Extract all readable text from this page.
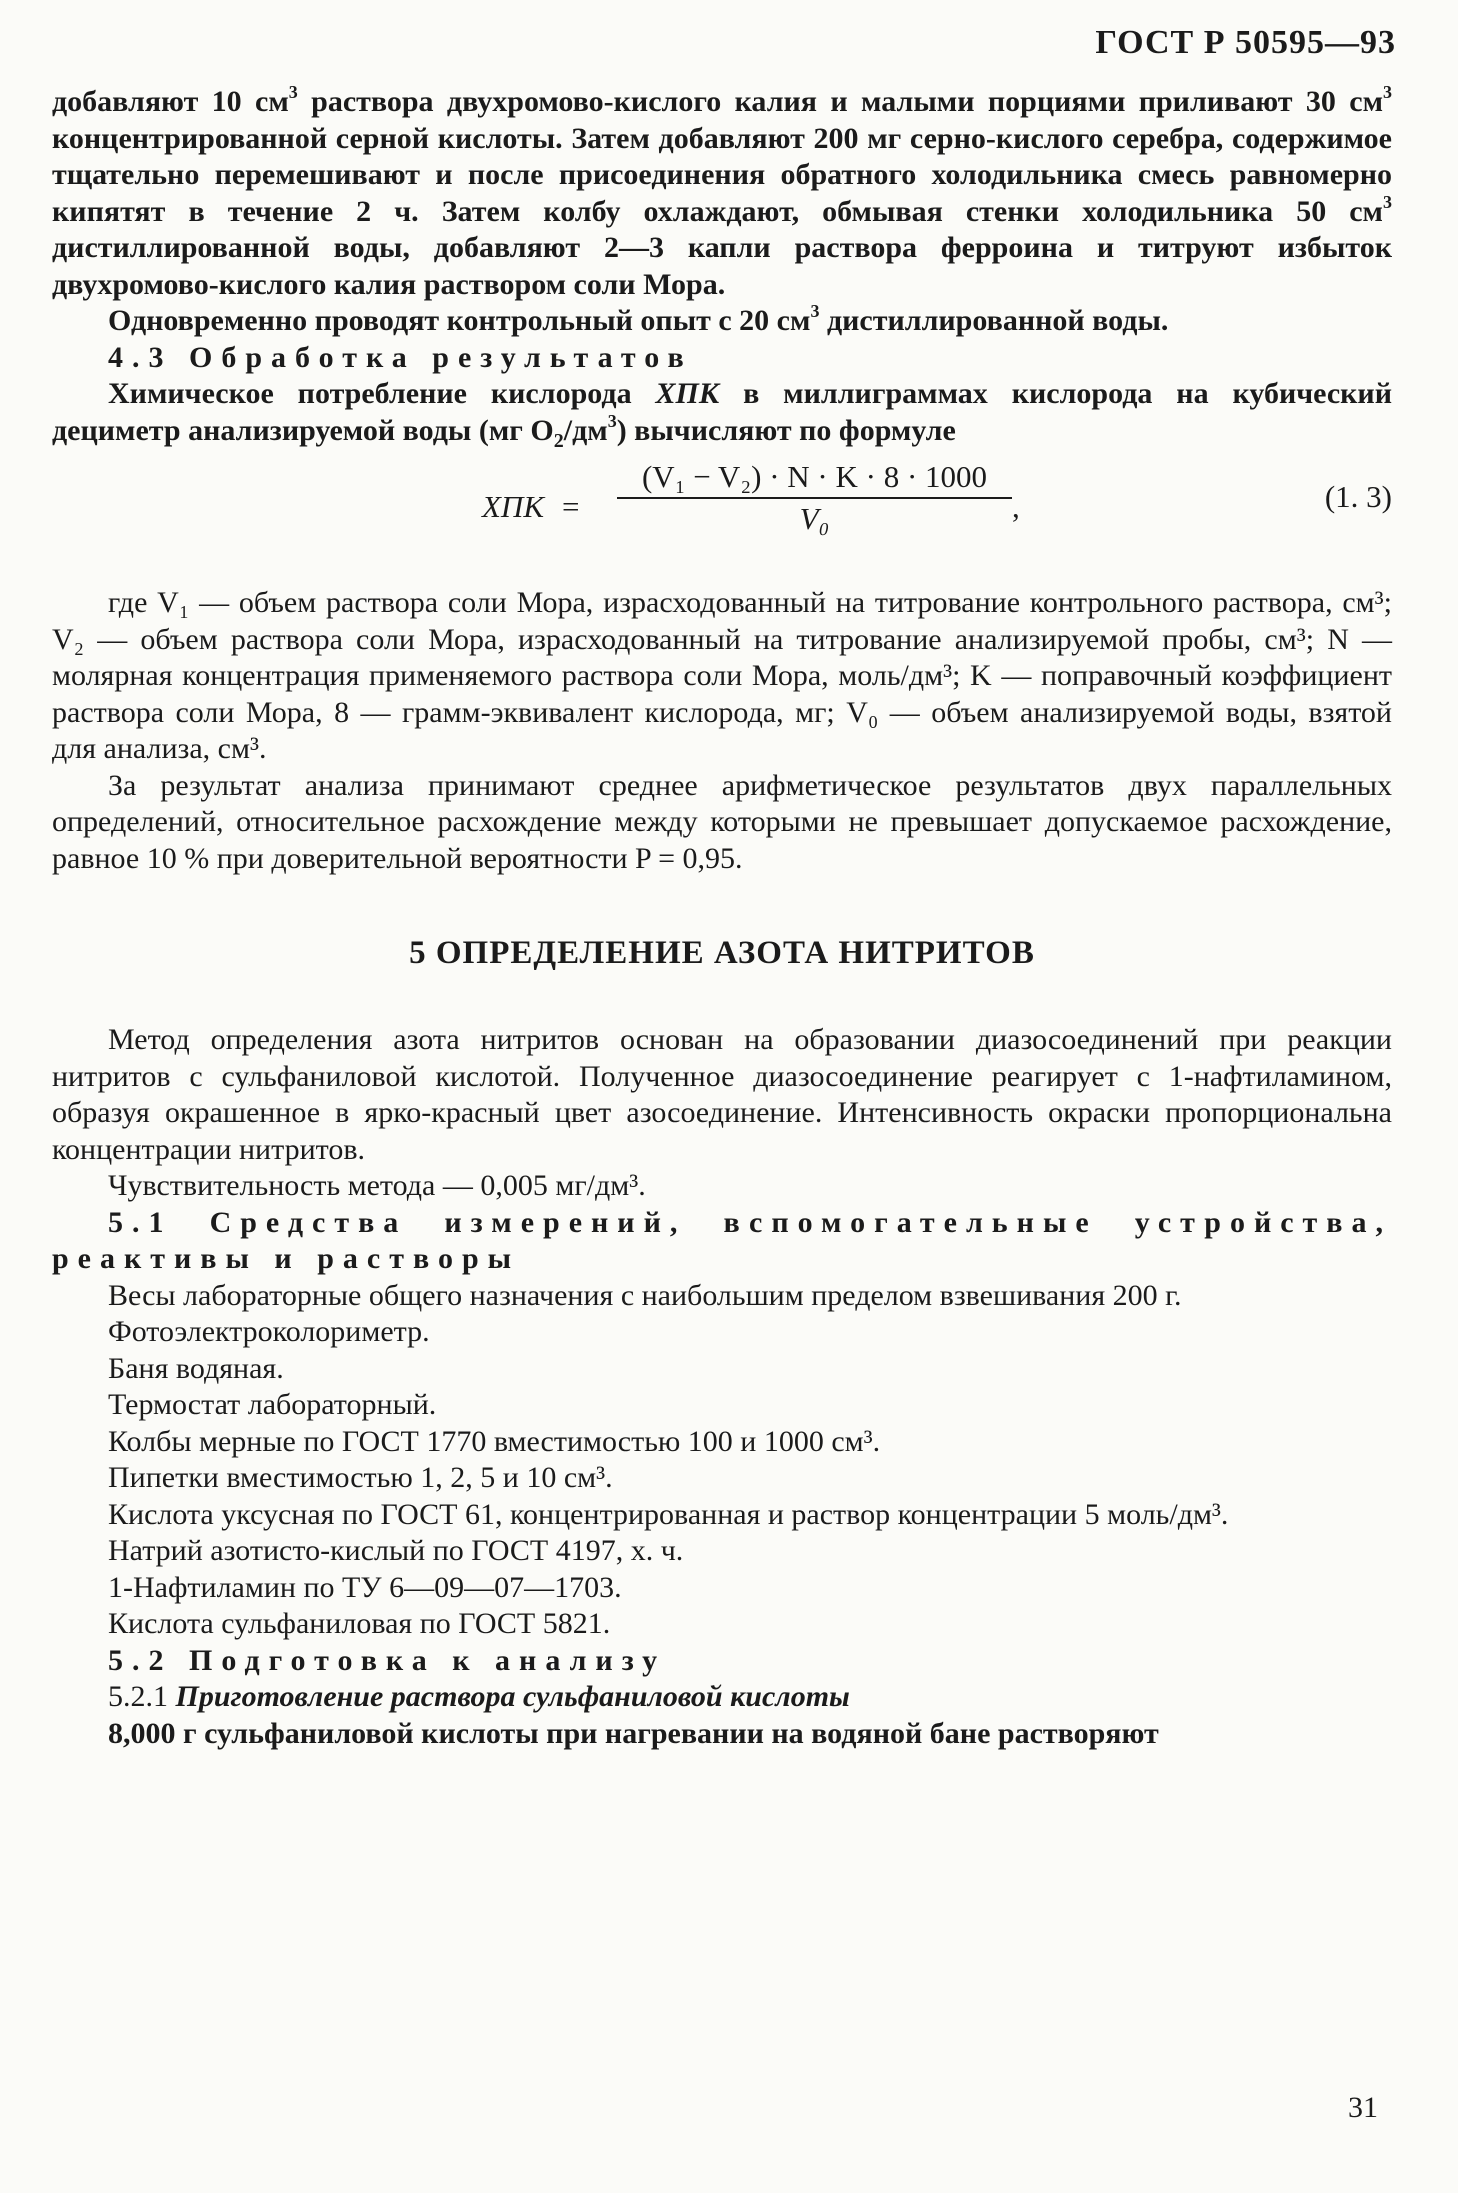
ГОСТ Р 50595—93

добавляют 10 $см^3$ раствора двухромово-кислого калия и малыми порциями приливают 30 $см^3$ концентрированной серной кислоты. Затем добавляют 200 мг серно-кислого серебра, содержимое тщательно перемешивают и после присоединения обратного холодильника смесь равномерно кипятят в течение 2 ч. Затем колбу охлаждают, обмывая стенки холодильника 50 $см^3$ дистиллированной воды, добавляют 2—3 капли раствора ферроина и титруют избыток двухромово-кислого калия раствором соли Мора.

Одновременно проводят контрольный опыт с 20 $см^3$ дистиллированной воды.

4.3 Обработка результатов

Химическое потребление кислорода ХПК в миллиграммах кислорода на кубический дециметр анализируемой воды (мг $О_2/дм^3$) вычисляют по формуле

ХПК = $\frac{\text{(V₁ − V₂) · N · K · 8 · 1000}}{\text{V₀}}$ ,	(1. 3)

где V₁ — объем раствора соли Мора, израсходованный на титрование контрольного раствора, см³; V₂ — объем раствора соли Мора, израсходованный на титрование анализируемой пробы, см³; N — молярная концентрация применяемого раствора соли Мора, моль/дм³; K — поправочный коэффициент раствора соли Мора, 8 — грамм-эквивалент кислорода, мг; V₀ — объем анализируемой воды, взятой для анализа, см³.

За результат анализа принимают среднее арифметическое результатов двух параллельных определений, относительное расхождение между которыми не превышает допускаемое расхождение, равное 10 % при доверительной вероятности P = 0,95.

5 ОПРЕДЕЛЕНИЕ АЗОТА НИТРИТОВ

Метод определения азота нитритов основан на образовании диазосоединений при реакции нитритов с сульфаниловой кислотой. Полученное диазосоединение реагирует с 1-нафтиламином, образуя окрашенное в ярко-красный цвет азосоединение. Интенсивность окраски пропорциональна концентрации нитритов.

Чувствительность метода — 0,005 мг/дм³.

5.1 Средства измерений, вспомогательные устройства, реактивы и растворы

Весы лабораторные общего назначения с наибольшим пределом взвешивания 200 г.

Фотоэлектроколориметр.

Баня водяная.

Термостат лабораторный.

Колбы мерные по ГОСТ 1770 вместимостью 100 и 1000 см³.

Пипетки вместимостью 1, 2, 5 и 10 см³.

Кислота уксусная по ГОСТ 61, концентрированная и раствор концентрации 5 моль/дм³.

Натрий азотисто-кислый по ГОСТ 4197, х. ч.

1-Нафтиламин по ТУ 6—09—07—1703.

Кислота сульфаниловая по ГОСТ 5821.

5.2 Подготовка к анализу

5.2.1 Приготовление раствора сульфаниловой кислоты

8,000 г сульфаниловой кислоты при нагревании на водяной бане растворяют

31
